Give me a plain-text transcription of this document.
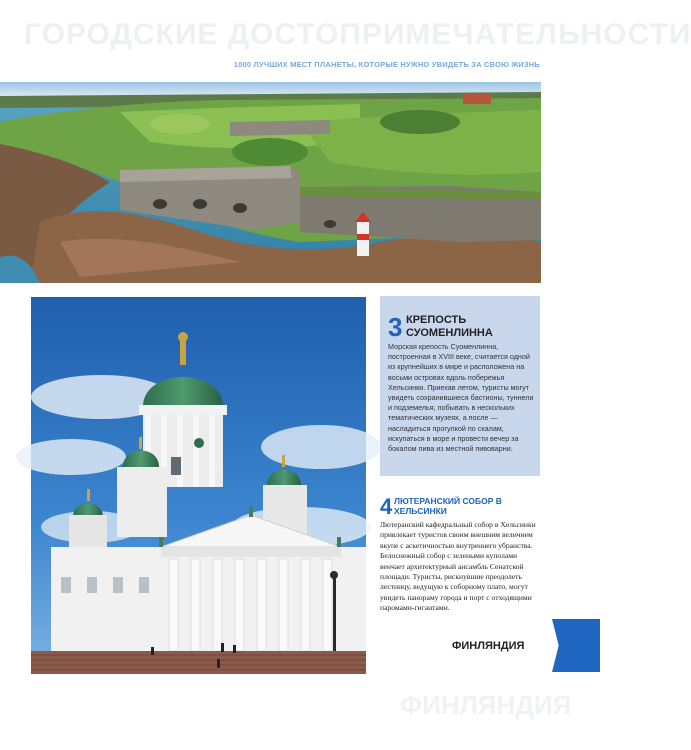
ГОРОДСКИЕ ДОСТОПРИМЕЧАТЕЛЬНОСТИ
1000 ЛУЧШИХ МЕСТ ПЛАНЕТЫ, КОТОРЫЕ НУЖНО УВИДЕТЬ ЗА СВОЮ ЖИЗНЬ
3 КРЕПОСТЬ СУОМЕНЛИННА
Морская крепость Суоменлинна, построенная в XVIII веке, считается одной из крупнейших в мире и расположена на восьми островах вдоль побережья Хельсинки. Приехав летом, туристы могут увидеть сохранившиеся бастионы, туннели и подземелья, побывать в нескольких тематических музеях, а после — насладиться прогулкой по скалам, искупаться в море и провести вечер за бокалом пива из местной пивоварни.
4 ЛЮТЕРАНСКИЙ СОБОР В ХЕЛЬСИНКИ
Лютеранский кафедральный собор в Хельсинки привлекает туристов своим внешним величием вкупе с аскетичностью внутреннего убранства. Белоснежный собор с зелеными куполами венчает архитектурный ансамбль Сенатской площади. Туристы, рискнувшие преодолеть лестницу, ведущую к соборному плато, могут увидеть панораму города и порт с отходящими паромами-гигантами.
ФИНЛЯНДИЯ
ФИНЛЯНДИЯ
